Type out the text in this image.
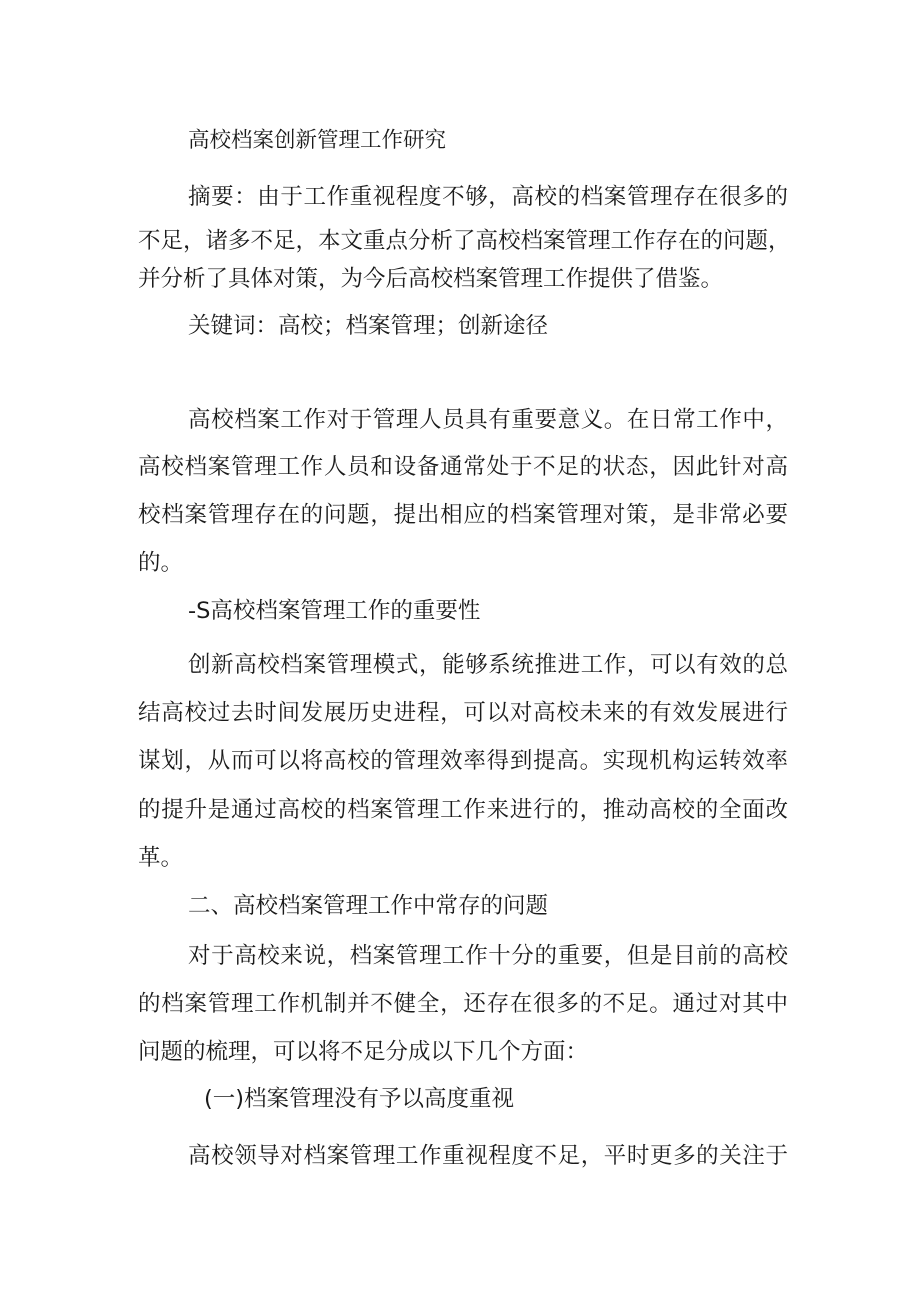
高校档案创新管理工作研究
摘要：由于工作重视程度不够，高校的档案管理存在很多的
不足，诸多不足，本文重点分析了高校档案管理工作存在的问题，
并分析了具体对策，为今后高校档案管理工作提供了借鉴。
关键词：高校；档案管理；创新途径
高校档案工作对于管理人员具有重要意义。在日常工作中，
高校档案管理工作人员和设备通常处于不足的状态，因此针对高
校档案管理存在的问题，提出相应的档案管理对策，是非常必要
的。
-S高校档案管理工作的重要性
创新高校档案管理模式，能够系统推进工作，可以有效的总
结高校过去时间发展历史进程，可以对高校未来的有效发展进行
谋划，从而可以将高校的管理效率得到提高。实现机构运转效率
的提升是通过高校的档案管理工作来进行的，推动高校的全面改
革。
二、高校档案管理工作中常存的问题
对于高校来说，档案管理工作十分的重要，但是目前的高校
的档案管理工作机制并不健全，还存在很多的不足。通过对其中
问题的梳理，可以将不足分成以下几个方面：
(一)档案管理没有予以高度重视
高校领导对档案管理工作重视程度不足，平时更多的关注于
